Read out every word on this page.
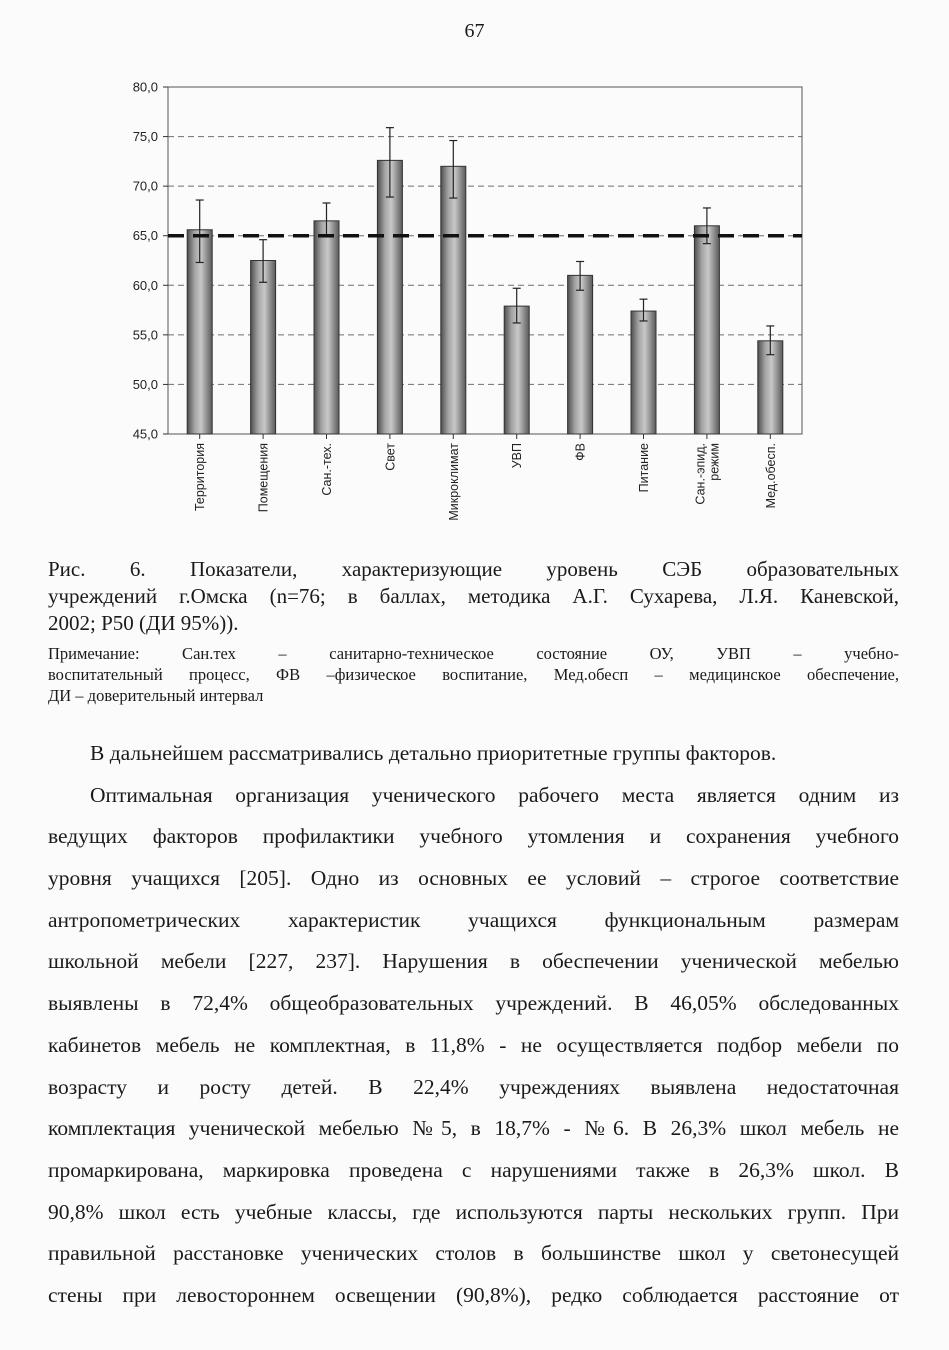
67
45,0
50,0
55,0
60,0
65,0
70,0
75,0
80,0
Территория	Помещения	Сан.-тех.	Свет	Микроклимат	УВП	ФВ	Питание	Сан.-эпид. режим	Мед.обесп.
Рис. 6. Показатели, характеризующие уровень СЭБ образовательных
учреждений г.Омска (n=76; в баллах, методика А.Г. Сухарева, Л.Я. Каневской,
2002; P50 (ДИ 95%)).
Примечание: Сан.тех – санитарно-техническое состояние ОУ, УВП – учебно-
воспитательный процесс, ФВ –физическое воспитание, Мед.обесп – медицинское обеспечение,
ДИ – доверительный интервал
В дальнейшем рассматривались детально приоритетные группы факторов.
Оптимальная организация ученического рабочего места является одним из
ведущих факторов профилактики учебного утомления и сохранения учебного
уровня учащихся [205]. Одно из основных ее условий – строгое соответствие
антропометрических характеристик учащихся функциональным размерам
школьной мебели [227, 237]. Нарушения в обеспечении ученической мебелью
выявлены в 72,4% общеобразовательных учреждений. В 46,05% обследованных
кабинетов мебель не комплектная, в 11,8% - не осуществляется подбор мебели по
возрасту и росту детей. В 22,4% учреждениях выявлена недостаточная
комплектация ученической мебелью №5, в 18,7% - №6. В 26,3% школ мебель не
промаркирована, маркировка проведена с нарушениями также в 26,3% школ. В
90,8% школ есть учебные классы, где используются парты нескольких групп. При
правильной расстановке ученических столов в большинстве школ у светонесущей
стены при левостороннем освещении (90,8%), редко соблюдается расстояние от
